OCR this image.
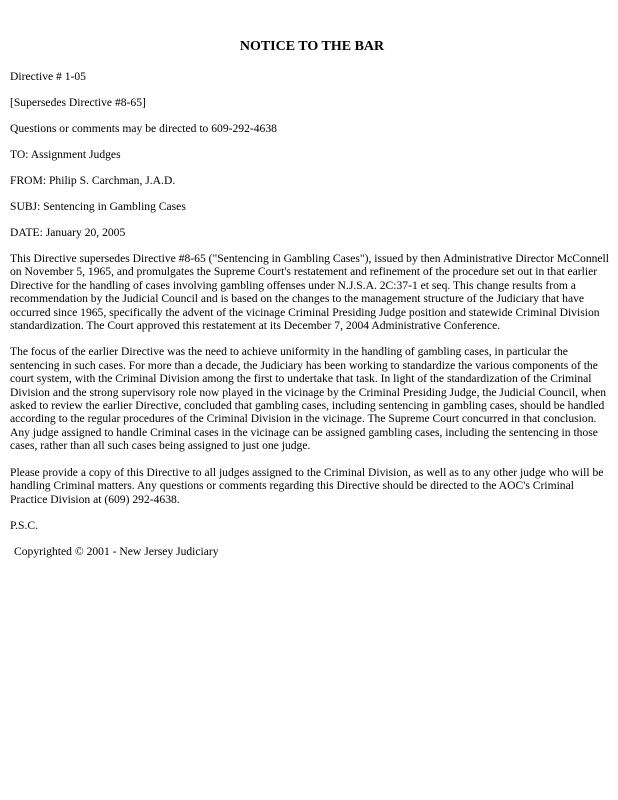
NOTICE TO THE BAR
Directive # 1-05
[Supersedes Directive #8-65]
Questions or comments may be directed to 609-292-4638
TO: Assignment Judges
FROM: Philip S. Carchman, J.A.D.
SUBJ: Sentencing in Gambling Cases
DATE: January 20, 2005
This Directive supersedes Directive #8-65 ("Sentencing in Gambling Cases"), issued by then Administrative Director McConnell on November 5, 1965, and promulgates the Supreme Court's restatement and refinement of the procedure set out in that earlier Directive for the handling of cases involving gambling offenses under N.J.S.A. 2C:37-1 et seq. This change results from a recommendation by the Judicial Council and is based on the changes to the management structure of the Judiciary that have occurred since 1965, specifically the advent of the vicinage Criminal Presiding Judge position and statewide Criminal Division standardization. The Court approved this restatement at its December 7, 2004 Administrative Conference.
The focus of the earlier Directive was the need to achieve uniformity in the handling of gambling cases, in particular the sentencing in such cases. For more than a decade, the Judiciary has been working to standardize the various components of the court system, with the Criminal Division among the first to undertake that task. In light of the standardization of the Criminal Division and the strong supervisory role now played in the vicinage by the Criminal Presiding Judge, the Judicial Council, when asked to review the earlier Directive, concluded that gambling cases, including sentencing in gambling cases, should be handled according to the regular procedures of the Criminal Division in the vicinage. The Supreme Court concurred in that conclusion. Any judge assigned to handle Criminal cases in the vicinage can be assigned gambling cases, including the sentencing in those cases, rather than all such cases being assigned to just one judge.
Please provide a copy of this Directive to all judges assigned to the Criminal Division, as well as to any other judge who will be handling Criminal matters. Any questions or comments regarding this Directive should be directed to the AOC's Criminal Practice Division at (609) 292-4638.
P.S.C.
Copyrighted © 2001 - New Jersey Judiciary
